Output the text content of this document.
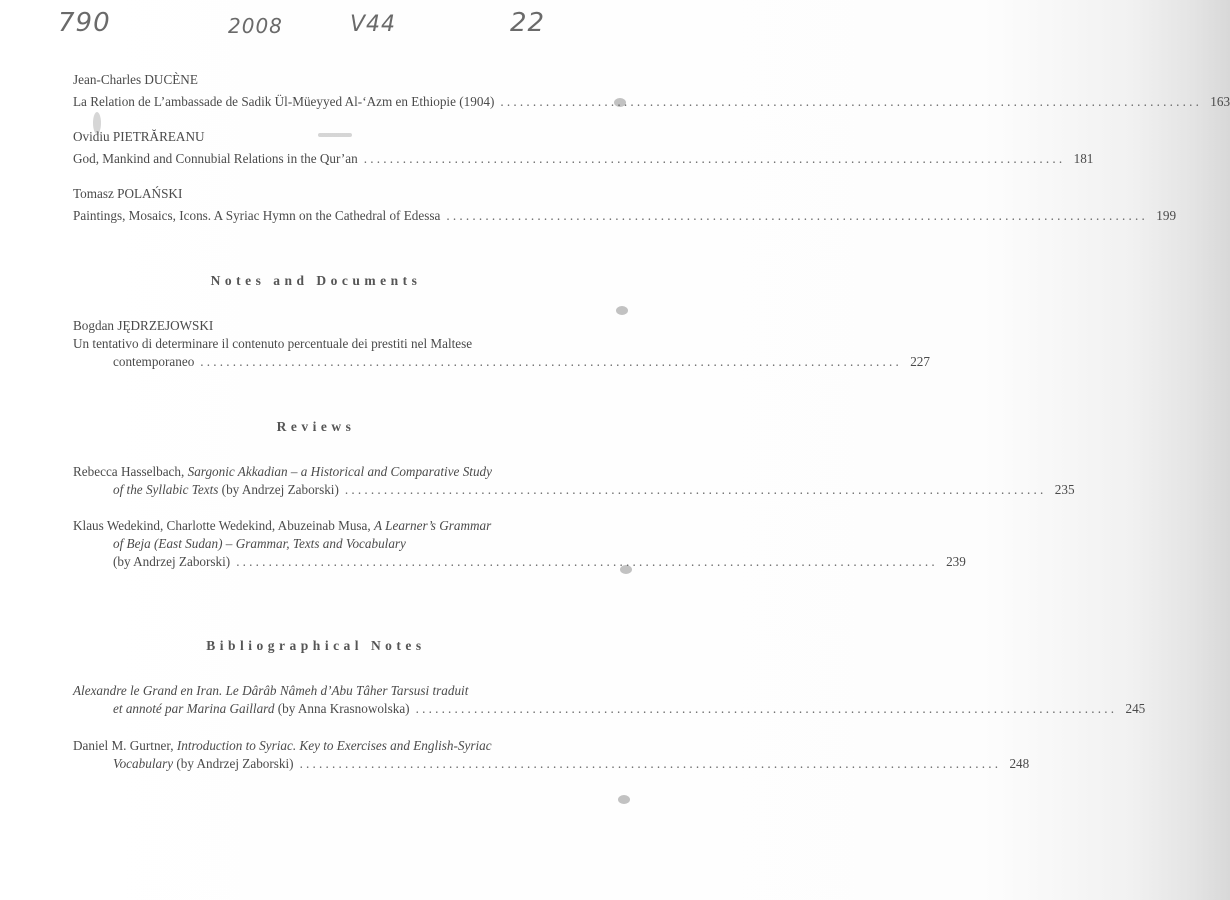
790	2008	V44	22
Jean-Charles DUCÈNE
La Relation de L’ambassade de Sadik Ül-Müeyyed Al-‘Azm en Ethiopie (1904) ............................................................................................................ 163
Ovidiu PIETRĂREANU
God, Mankind and Connubial Relations in the Qur’an ............................................................................................................ 181
Tomasz POLAŃSKI
Paintings, Mosaics, Icons. A Syriac Hymn on the Cathedral of Edessa ............................................................................................................ 199
Notes and Documents
Bogdan JĘDRZEJOWSKI
Un tentativo di determinare il contenuto percentuale dei prestiti nel Maltese
contemporaneo ............................................................................................................ 227
Reviews
Rebecca Hasselbach, Sargonic Akkadian – a Historical and Comparative Study
of the Syllabic Texts (by Andrzej Zaborski) ............................................................................................................ 235
Klaus Wedekind, Charlotte Wedekind, Abuzeinab Musa, A Learner’s Grammar
of Beja (East Sudan) – Grammar, Texts and Vocabulary
(by Andrzej Zaborski) ............................................................................................................ 239
Bibliographical Notes
Alexandre le Grand en Iran. Le Dârâb Nâmeh d’Abu Tâher Tarsusi traduit
et annoté par Marina Gaillard (by Anna Krasnowolska) ............................................................................................................ 245
Daniel M. Gurtner, Introduction to Syriac. Key to Exercises and English-Syriac
Vocabulary (by Andrzej Zaborski) ............................................................................................................ 248
